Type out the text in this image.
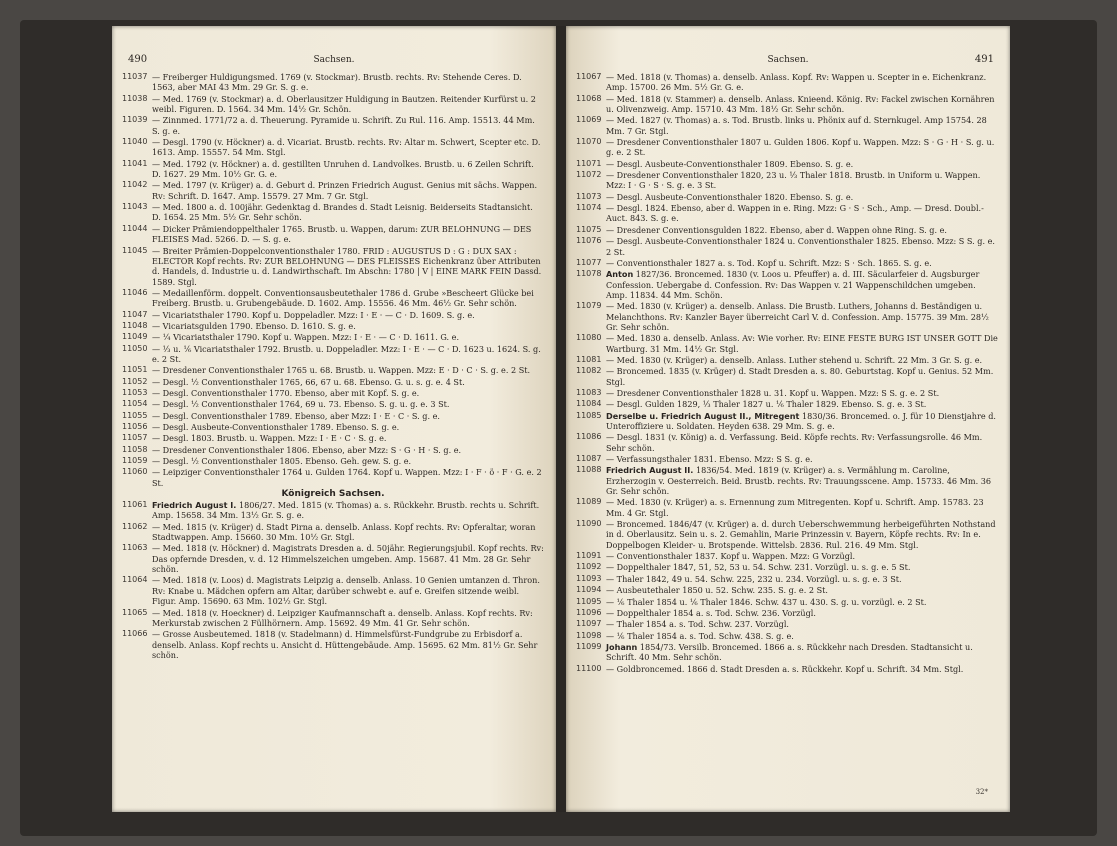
490	Sachsen.
11037 — Freiberger Huldigungsmed. 1769 (v. Stockmar). Brustb. rechts. Rv: Stehende Ceres. D. 1563, aber MAI 43 Mm. 29 Gr. S. g. e.
11038 — Med. 1769 (v. Stockmar) a. d. Oberlausitzer Huldigung in Bautzen. Reitender Kurfürst u. 2 weibl. Figuren. D. 1564. 34 Mm. 14½ Gr. Schön.
11039 — Zinnmed. 1771/72 a. d. Theuerung. Pyramide u. Schrift. Zu Rul. 116. Amp. 15513. 44 Mm. S. g. e.
11040 — Desgl. 1790 (v. Höckner) a. d. Vicariat. Brustb. rechts. Rv: Altar m. Schwert, Scepter etc. D. 1613. Amp. 15557. 54 Mm. Stgl.
11041 — Med. 1792 (v. Höckner) a. d. gestillten Unruhen d. Landvolkes. Brustb. u. 6 Zeilen Schrift. D. 1627. 29 Mm. 10½ Gr. G. e.
11042 — Med. 1797 (v. Krüger) a. d. Geburt d. Prinzen Friedrich August. Genius mit sächs. Wappen. Rv: Schrift. D. 1647. Amp. 15579. 27 Mm. 7 Gr. Stgl.
11043 — Med. 1800 a. d. 100jähr. Gedenktag d. Brandes d. Stadt Leisnig. Beiderseits Stadtansicht. D. 1654. 25 Mm. 5½ Gr. Sehr schön.
11044 — Dicker Prämiendoppelthaler 1765. Brustb. u. Wappen, darum: ZUR BELOHNUNG — DES FLEISES Mad. 5266. D. — S. g. e.
11045 — Breiter Prämien-Doppelconventionsthaler 1780. FRID : AUGUSTUS D : G : DUX SAX : ELECTOR Kopf rechts. Rv: ZUR BELOHNUNG — DES FLEISSES Eichenkranz über Attributen d. Handels, d. Industrie u. d. Landwirthschaft. Im Abschn: 1780 | V | EINE MARK FEIN Dassd. 1589. Stgl.
11046 — Medaillenförm. doppelt. Conventionsausbeutethaler 1786 d. Grube »Bescheert Glücke bei Freiberg. Brustb. u. Grubengebäude. D. 1602. Amp. 15556. 46 Mm. 46½ Gr. Sehr schön.
11047 — Vicariatsthaler 1790. Kopf u. Doppeladler. Mzz: I · E · — C · D. 1609. S. g. e.
11048 — Vicariatsgulden 1790. Ebenso. D. 1610. S. g. e.
11049 — ¼ Vicariatsthaler 1790. Kopf u. Wappen. Mzz: I · E · — C · D. 1611. G. e.
11050 — ⅓ u. ⅙ Vicariatsthaler 1792. Brustb. u. Doppeladler. Mzz: I · E · — C · D. 1623 u. 1624. S. g. e. 2 St.
11051 — Dresdener Conventionsthaler 1765 u. 68. Brustb. u. Wappen. Mzz: E · D · C · S. g. e. 2 St.
11052 — Desgl. ½ Conventionsthaler 1765, 66, 67 u. 68. Ebenso. G. u. s. g. e. 4 St.
11053 — Desgl. Conventionsthaler 1770. Ebenso, aber mit Kopf. S. g. e.
11054 — Desgl. ½ Conventionsthaler 1764, 69 u. 73. Ebenso. S. g. u. g. e. 3 St.
11055 — Desgl. Conventionsthaler 1789. Ebenso, aber Mzz: I · E · C · S. g. e.
11056 — Desgl. Ausbeute-Conventionsthaler 1789. Ebenso. S. g. e.
11057 — Desgl. 1803. Brustb. u. Wappen. Mzz: I · E · C · S. g. e.
11058 — Dresdener Conventionsthaler 1806. Ebenso, aber Mzz: S · G · H · S. g. e.
11059 — Desgl. ½ Conventionsthaler 1805. Ebenso. Geh. gew. S. g. e.
11060 — Leipziger Conventionsthaler 1764 u. Gulden 1764. Kopf u. Wappen. Mzz: I · F · ö · F · G. e. 2 St.
Königreich Sachsen.
11061 Friedrich August I. 1806/27. Med. 1815 (v. Thomas) a. s. Rückkehr. Brustb. rechts u. Schrift. Amp. 15658. 34 Mm. 13½ Gr. S. g. e.
11062 — Med. 1815 (v. Krüger) d. Stadt Pirna a. denselb. Anlass. Kopf rechts. Rv: Opferaltar, woran Stadtwappen. Amp. 15660. 30 Mm. 10½ Gr. Stgl.
11063 — Med. 1818 (v. Höckner) d. Magistrats Dresden a. d. 50jähr. Regierungsjubil. Kopf rechts. Rv: Das opfernde Dresden, v. d. 12 Himmelszeichen umgeben. Amp. 15687. 41 Mm. 28 Gr. Sehr schön.
11064 — Med. 1818 (v. Loos) d. Magistrats Leipzig a. denselb. Anlass. 10 Genien umtanzen d. Thron. Rv: Knabe u. Mädchen opfern am Altar, darüber schwebt e. auf e. Greifen sitzende weibl. Figur. Amp. 15690. 63 Mm. 102½ Gr. Stgl.
11065 — Med. 1818 (v. Hoeckner) d. Leipziger Kaufmannschaft a. denselb. Anlass. Kopf rechts. Rv: Merkurstab zwischen 2 Füllhörnern. Amp. 15692. 49 Mm. 41 Gr. Sehr schön.
11066 — Grosse Ausbeutemed. 1818 (v. Stadelmann) d. Himmelsfürst-Fundgrube zu Erbisdorf a. denselb. Anlass. Kopf rechts u. Ansicht d. Hüttengebäude. Amp. 15695. 62 Mm. 81½ Gr. Sehr schön.
Sachsen.	491
11067 — Med. 1818 (v. Thomas) a. denselb. Anlass. Kopf. Rv: Wappen u. Scepter in e. Eichenkranz. Amp. 15700. 26 Mm. 5½ Gr. G. e.
11068 — Med. 1818 (v. Stammer) a. denselb. Anlass. Knieend. König. Rv: Fackel zwischen Kornähren u. Olivenzweig. Amp. 15710. 43 Mm. 18½ Gr. Sehr schön.
11069 — Med. 1827 (v. Thomas) a. s. Tod. Brustb. links u. Phönix auf d. Sternkugel. Amp 15754. 28 Mm. 7 Gr. Stgl.
11070 — Dresdener Conventionsthaler 1807 u. Gulden 1806. Kopf u. Wappen. Mzz: S · G · H · S. g. u. g. e. 2 St.
11071 — Desgl. Ausbeute-Conventionsthaler 1809. Ebenso. S. g. e.
11072 — Dresdener Conventionsthaler 1820, 23 u. ⅓ Thaler 1818. Brustb. in Uniform u. Wappen. Mzz: I · G · S · S. g. e. 3 St.
11073 — Desgl. Ausbeute-Conventionsthaler 1820. Ebenso. S. g. e.
11074 — Desgl. 1824. Ebenso, aber d. Wappen in e. Ring. Mzz: G · S · Sch., Amp. — Dresd. Doubl.-Auct. 843. S. g. e.
11075 — Dresdener Conventionsgulden 1822. Ebenso, aber d. Wappen ohne Ring. S. g. e.
11076 — Desgl. Ausbeute-Conventionsthaler 1824 u. Conventionsthaler 1825. Ebenso. Mzz: S S. g. e. 2 St.
11077 — Conventionsthaler 1827 a. s. Tod. Kopf u. Schrift. Mzz: S · Sch. 1865. S. g. e.
11078 Anton 1827/36. Broncemed. 1830 (v. Loos u. Pfeuffer) a. d. III. Säcularfeier d. Augsburger Confession. Uebergabe d. Confession. Rv: Das Wappen v. 21 Wappenschildchen umgeben. Amp. 11834. 44 Mm. Schön.
11079 — Med. 1830 (v. Krüger) a. denselb. Anlass. Die Brustb. Luthers, Johanns d. Beständigen u. Melanchthons. Rv: Kanzler Bayer überreicht Carl V. d. Confession. Amp. 15775. 39 Mm. 28½ Gr. Sehr schön.
11080 — Med. 1830 a. denselb. Anlass. Av: Wie vorher. Rv: EINE FESTE BURG IST UNSER GOTT Die Wartburg. 31 Mm. 14½ Gr. Stgl.
11081 — Med. 1830 (v. Krüger) a. denselb. Anlass. Luther stehend u. Schrift. 22 Mm. 3 Gr. S. g. e.
11082 — Broncemed. 1835 (v. Krüger) d. Stadt Dresden a. s. 80. Geburtstag. Kopf u. Genius. 52 Mm. Stgl.
11083 — Dresdener Conventionsthaler 1828 u. 31. Kopf u. Wappen. Mzz: S S. g. e. 2 St.
11084 — Desgl. Gulden 1829, ⅓ Thaler 1827 u. ⅙ Thaler 1829. Ebenso. S. g. e. 3 St.
11085 Derselbe u. Friedrich August II., Mitregent 1830/36. Broncemed. o. J. für 10 Dienstjahre d. Unteroffiziere u. Soldaten. Heyden 638. 29 Mm. S. g. e.
11086 — Desgl. 1831 (v. König) a. d. Verfassung. Beid. Köpfe rechts. Rv: Verfassungsrolle. 46 Mm. Sehr schön.
11087 — Verfassungsthaler 1831. Ebenso. Mzz: S S. g. e.
11088 Friedrich August II. 1836/54. Med. 1819 (v. Krüger) a. s. Vermählung m. Caroline, Erzherzogin v. Oesterreich. Beid. Brustb. rechts. Rv: Trauungsscene. Amp. 15733. 46 Mm. 36 Gr. Sehr schön.
11089 — Med. 1830 (v. Krüger) a. s. Ernennung zum Mitregenten. Kopf u. Schrift. Amp. 15783. 23 Mm. 4 Gr. Stgl.
11090 — Broncemed. 1846/47 (v. Krüger) a. d. durch Ueberschwemmung herbeigeführten Nothstand in d. Oberlausitz. Sein u. s. 2. Gemahlin, Marie Prinzessin v. Bayern, Köpfe rechts. Rv: In e. Doppelbogen Kleider- u. Brotspende. Wittelsb. 2836. Rul. 216. 49 Mm. Stgl.
11091 — Conventionsthaler 1837. Kopf u. Wappen. Mzz: G Vorzügl.
11092 — Doppelthaler 1847, 51, 52, 53 u. 54. Schw. 231. Vorzügl. u. s. g. e. 5 St.
11093 — Thaler 1842, 49 u. 54. Schw. 225, 232 u. 234. Vorzügl. u. s. g. e. 3 St.
11094 — Ausbeutethaler 1850 u. 52. Schw. 235. S. g. e. 2 St.
11095 — ⅙ Thaler 1854 u. ⅙ Thaler 1846. Schw. 437 u. 430. S. g. u. vorzügl. e. 2 St.
11096 — Doppelthaler 1854 a. s. Tod. Schw. 236. Vorzügl.
11097 — Thaler 1854 a. s. Tod. Schw. 237. Vorzügl.
11098 — ⅙ Thaler 1854 a. s. Tod. Schw. 438. S. g. e.
11099 Johann 1854/73. Versilb. Broncemed. 1866 a. s. Rückkehr nach Dresden. Stadtansicht u. Schrift. 40 Mm. Sehr schön.
11100 — Goldbroncemed. 1866 d. Stadt Dresden a. s. Rückkehr. Kopf u. Schrift. 34 Mm. Stgl.
32*
